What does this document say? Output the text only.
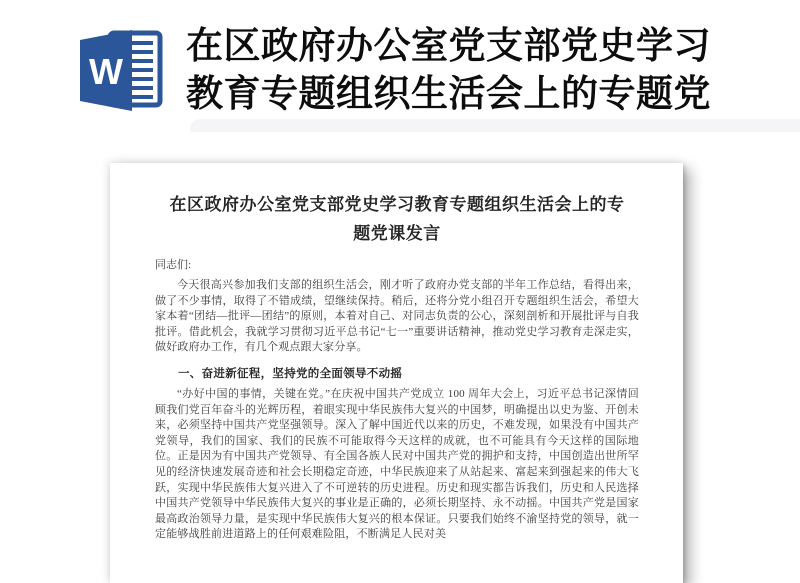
W
在区政府办公室党支部党史学习
教育专题组织生活会上的专题党
在区政府办公室党支部党史学习教育专题组织生活会上的专
题党课发言
同志们:

今天很高兴参加我们支部的组织生活会，刚才听了政府办党支部的半年工作总结，看得出来，做了不少事情，取得了不错成绩，望继续保持。稍后，还将分党小组召开专题组织生活会，希望大家本着“团结—批评—团结”的原则，本着对自己、对同志负责的公心，深刻剖析和开展批评与自我批评。借此机会，我就学习贯彻习近平总书记“七一”重要讲话精神，推动党史学习教育走深走实，做好政府办工作，有几个观点跟大家分享。

一、奋进新征程，坚持党的全面领导不动摇

“办好中国的事情，关键在党。”在庆祝中国共产党成立 100 周年大会上，习近平总书记深情回顾我们党百年奋斗的光辉历程，着眼实现中华民族伟大复兴的中国梦，明确提出以史为鉴、开创未来，必须坚持中国共产党坚强领导。深入了解中国近代以来的历史，不难发现，如果没有中国共产党领导，我们的国家、我们的民族不可能取得今天这样的成就，也不可能具有今天这样的国际地位。正是因为有中国共产党领导、有全国各族人民对中国共产党的拥护和支持，中国创造出世所罕见的经济快速发展奇迹和社会长期稳定奇迹，中华民族迎来了从站起来、富起来到强起来的伟大飞跃，实现中华民族伟大复兴进入了不可逆转的历史进程。历史和现实都告诉我们，历史和人民选择中国共产党领导中华民族伟大复兴的事业是正确的，必须长期坚持、永不动摇。中国共产党是国家最高政治领导力量，是实现中华民族伟大复兴的根本保证。只要我们始终不渝坚持党的领导，就一定能够战胜前进道路上的任何艰难险阻，不断满足人民对美
